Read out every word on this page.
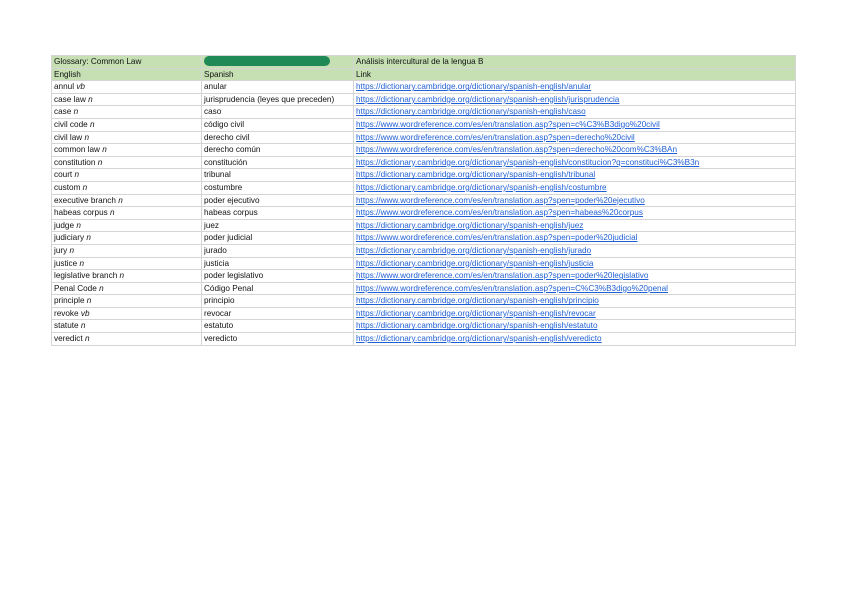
Glossary: Common Law		Análisis intercultural de la lengua B
English	Spanish	Link
annul vb	anular	https://dictionary.cambridge.org/dictionary/spanish-english/anular
case law n	jurisprudencia (leyes que preceden)	https://dictionary.cambridge.org/dictionary/spanish-english/jurisprudencia
case n	caso	https://dictionary.cambridge.org/dictionary/spanish-english/caso
civil code n	código civil	https://www.wordreference.com/es/en/translation.asp?spen=c%C3%B3digo%20civil
civil law n	derecho civil	https://www.wordreference.com/es/en/translation.asp?spen=derecho%20civil
common law n	derecho común	https://www.wordreference.com/es/en/translation.asp?spen=derecho%20com%C3%BAn
constitution n	constitución	https://dictionary.cambridge.org/dictionary/spanish-english/constitucion?q=constituci%C3%B3n
court n	tribunal	https://dictionary.cambridge.org/dictionary/spanish-english/tribunal
custom n	costumbre	https://dictionary.cambridge.org/dictionary/spanish-english/costumbre
executive branch n	poder ejecutivo	https://www.wordreference.com/es/en/translation.asp?spen=poder%20ejecutivo
habeas corpus n	habeas corpus	https://www.wordreference.com/es/en/translation.asp?spen=habeas%20corpus
judge n	juez	https://dictionary.cambridge.org/dictionary/spanish-english/juez
judiciary n	poder judicial	https://www.wordreference.com/es/en/translation.asp?spen=poder%20judicial
jury n	jurado	https://dictionary.cambridge.org/dictionary/spanish-english/jurado
justice n	justicia	https://dictionary.cambridge.org/dictionary/spanish-english/justicia
legislative branch n	poder legislativo	https://www.wordreference.com/es/en/translation.asp?spen=poder%20legislativo
Penal Code n	Código Penal	https://www.wordreference.com/es/en/translation.asp?spen=C%C3%B3digo%20penal
principle n	principio	https://dictionary.cambridge.org/dictionary/spanish-english/principio
revoke vb	revocar	https://dictionary.cambridge.org/dictionary/spanish-english/revocar
statute n	estatuto	https://dictionary.cambridge.org/dictionary/spanish-english/estatuto
veredict n	veredicto	https://dictionary.cambridge.org/dictionary/spanish-english/veredicto
